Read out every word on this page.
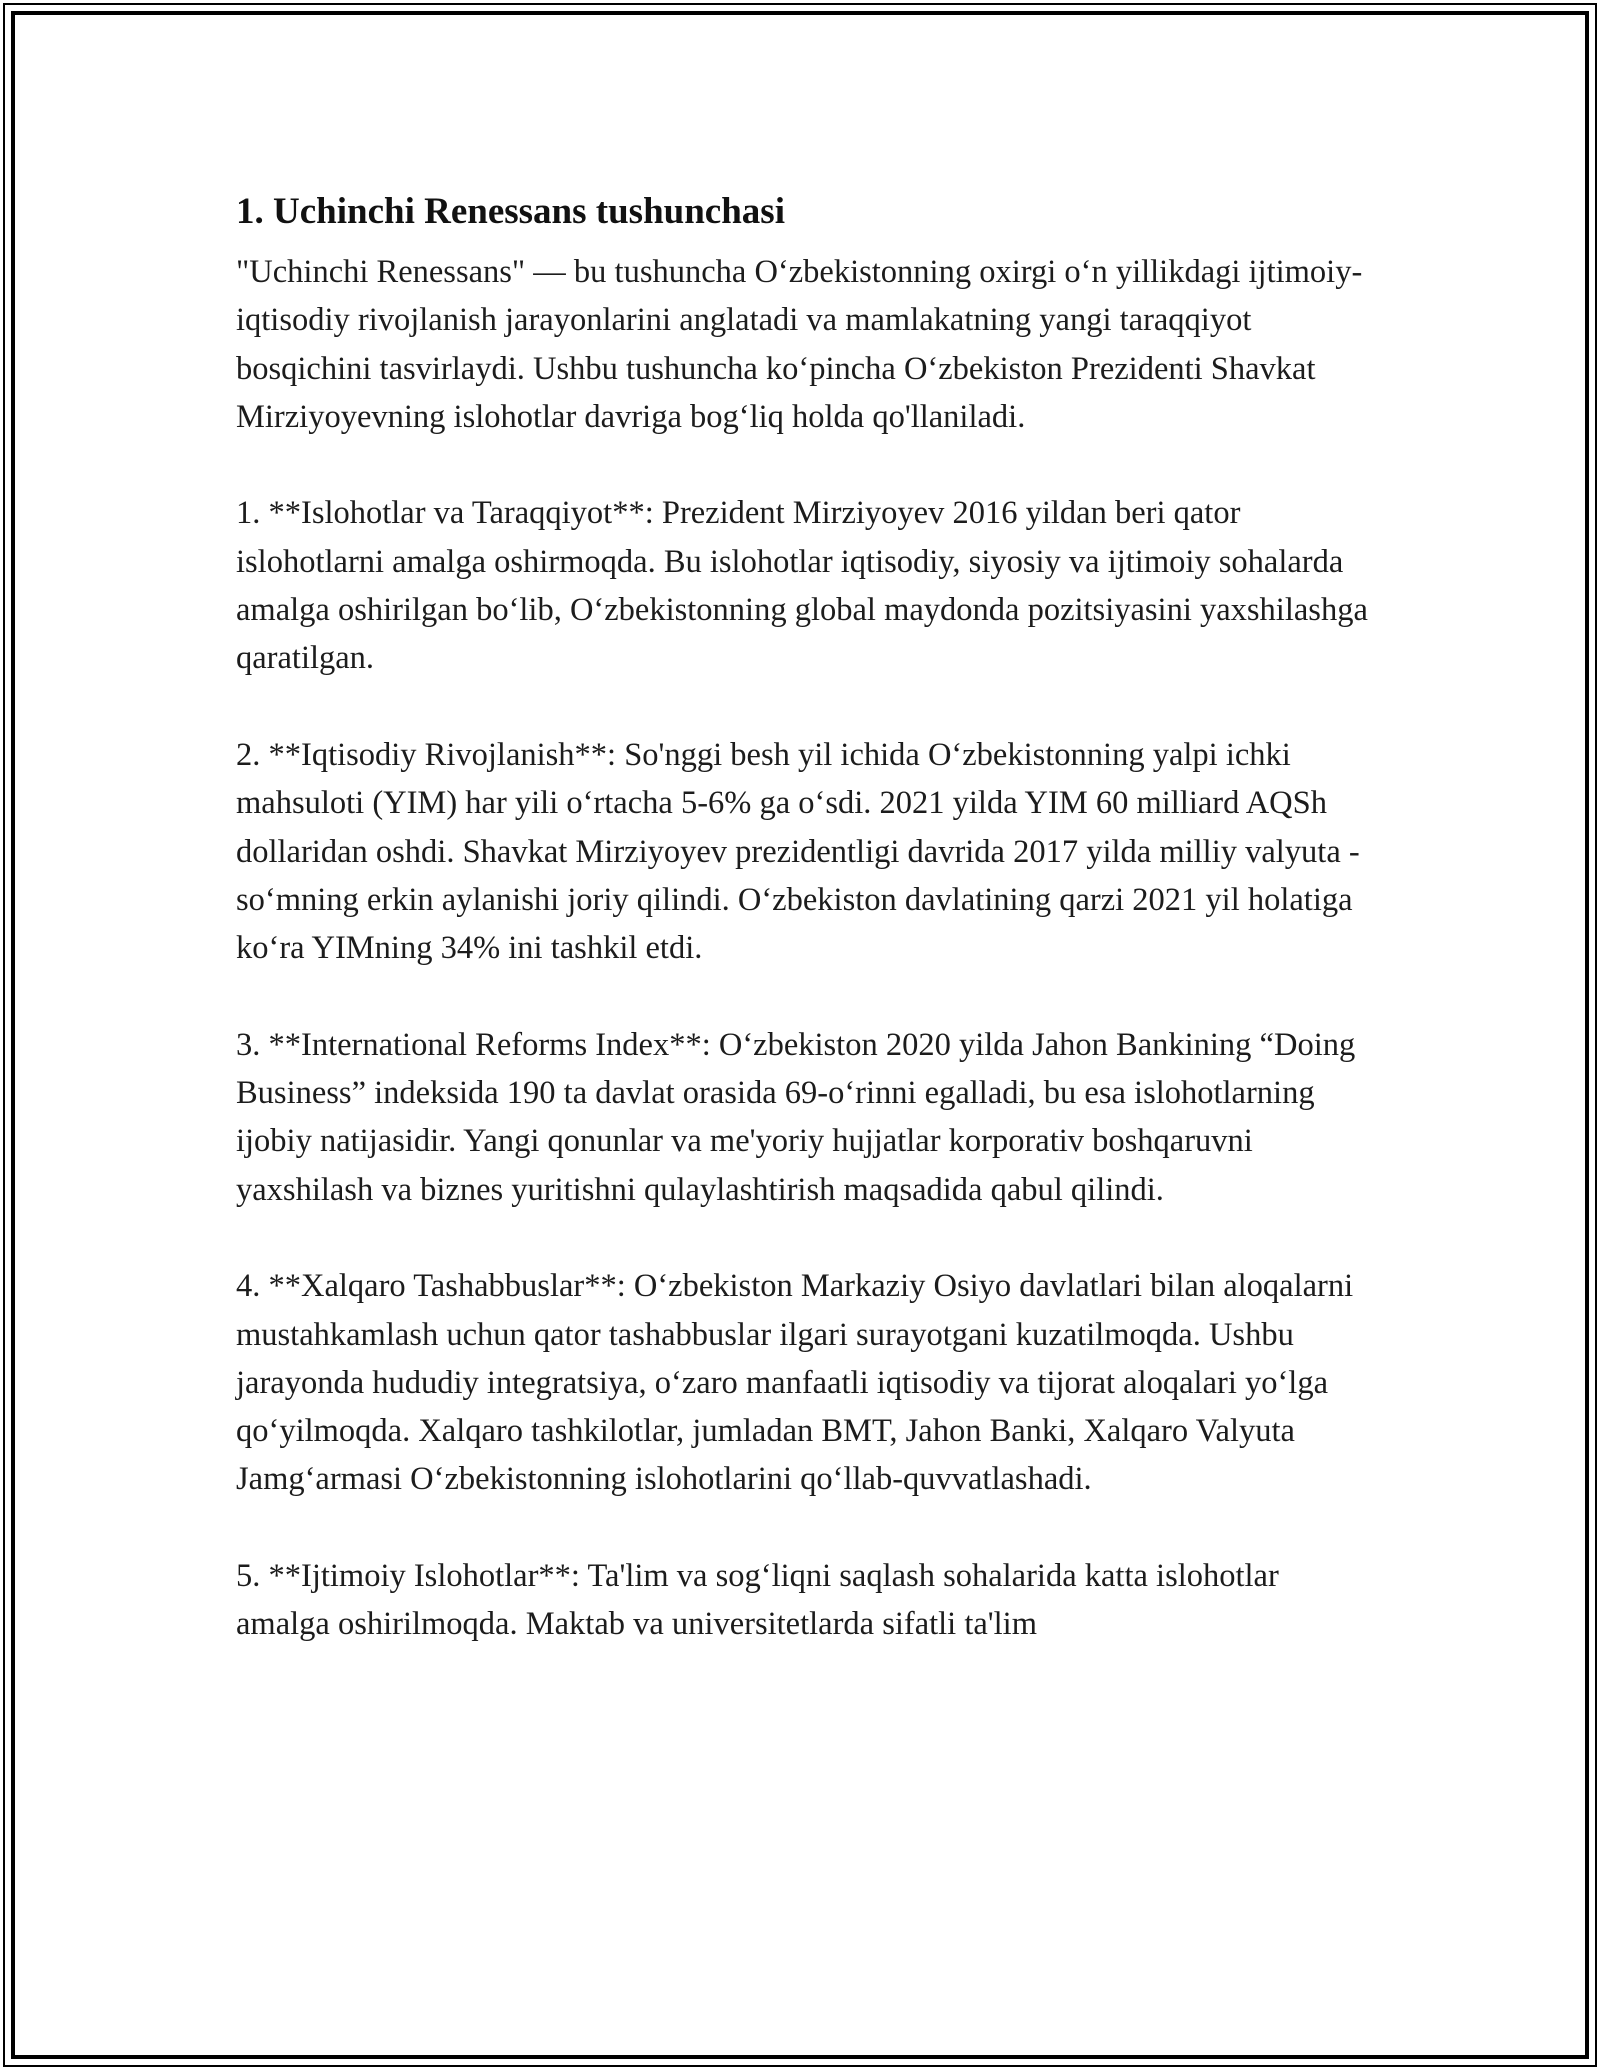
1. Uchinchi Renessans tushunchasi

"Uchinchi Renessans" — bu tushuncha O‘zbekistonning oxirgi o‘n yillikdagi ijtimoiy-iqtisodiy rivojlanish jarayonlarini anglatadi va mamlakatning yangi taraqqiyot bosqichini tasvirlaydi. Ushbu tushuncha ko‘pincha O‘zbekiston Prezidenti Shavkat Mirziyoyevning islohotlar davriga bog‘liq holda qo'llaniladi.

1. **Islohotlar va Taraqqiyot**: Prezident Mirziyoyev 2016 yildan beri qator islohotlarni amalga oshirmoqda. Bu islohotlar iqtisodiy, siyosiy va ijtimoiy sohalarda amalga oshirilgan bo‘lib, O‘zbekistonning global maydonda pozitsiyasini yaxshilashga qaratilgan.

2. **Iqtisodiy Rivojlanish**: So'nggi besh yil ichida O‘zbekistonning yalpi ichki mahsuloti (YIM) har yili o‘rtacha 5-6% ga o‘sdi. 2021 yilda YIM 60 milliard AQSh dollaridan oshdi. Shavkat Mirziyoyev prezidentligi davrida 2017 yilda milliy valyuta - so‘mning erkin aylanishi joriy qilindi. O‘zbekiston davlatining qarzi 2021 yil holatiga ko‘ra YIMning 34% ini tashkil etdi.

3. **International Reforms Index**: O‘zbekiston 2020 yilda Jahon Bankining “Doing Business” indeksida 190 ta davlat orasida 69-o‘rinni egalladi, bu esa islohotlarning ijobiy natijasidir. Yangi qonunlar va me'yoriy hujjatlar korporativ boshqaruvni yaxshilash va biznes yuritishni qulaylashtirish maqsadida qabul qilindi.

4. **Xalqaro Tashabbuslar**: O‘zbekiston Markaziy Osiyo davlatlari bilan aloqalarni mustahkamlash uchun qator tashabbuslar ilgari surayotgani kuzatilmoqda. Ushbu jarayonda hududiy integratsiya, o‘zaro manfaatli iqtisodiy va tijorat aloqalari yo‘lga qo‘yilmoqda. Xalqaro tashkilotlar, jumladan BMT, Jahon Banki, Xalqaro Valyuta Jamg‘armasi O‘zbekistonning islohotlarini qo‘llab-quvvatlashadi.

5. **Ijtimoiy Islohotlar**: Ta'lim va sog‘liqni saqlash sohalarida katta islohotlar amalga oshirilmoqda. Maktab va universitetlarda sifatli ta'lim
